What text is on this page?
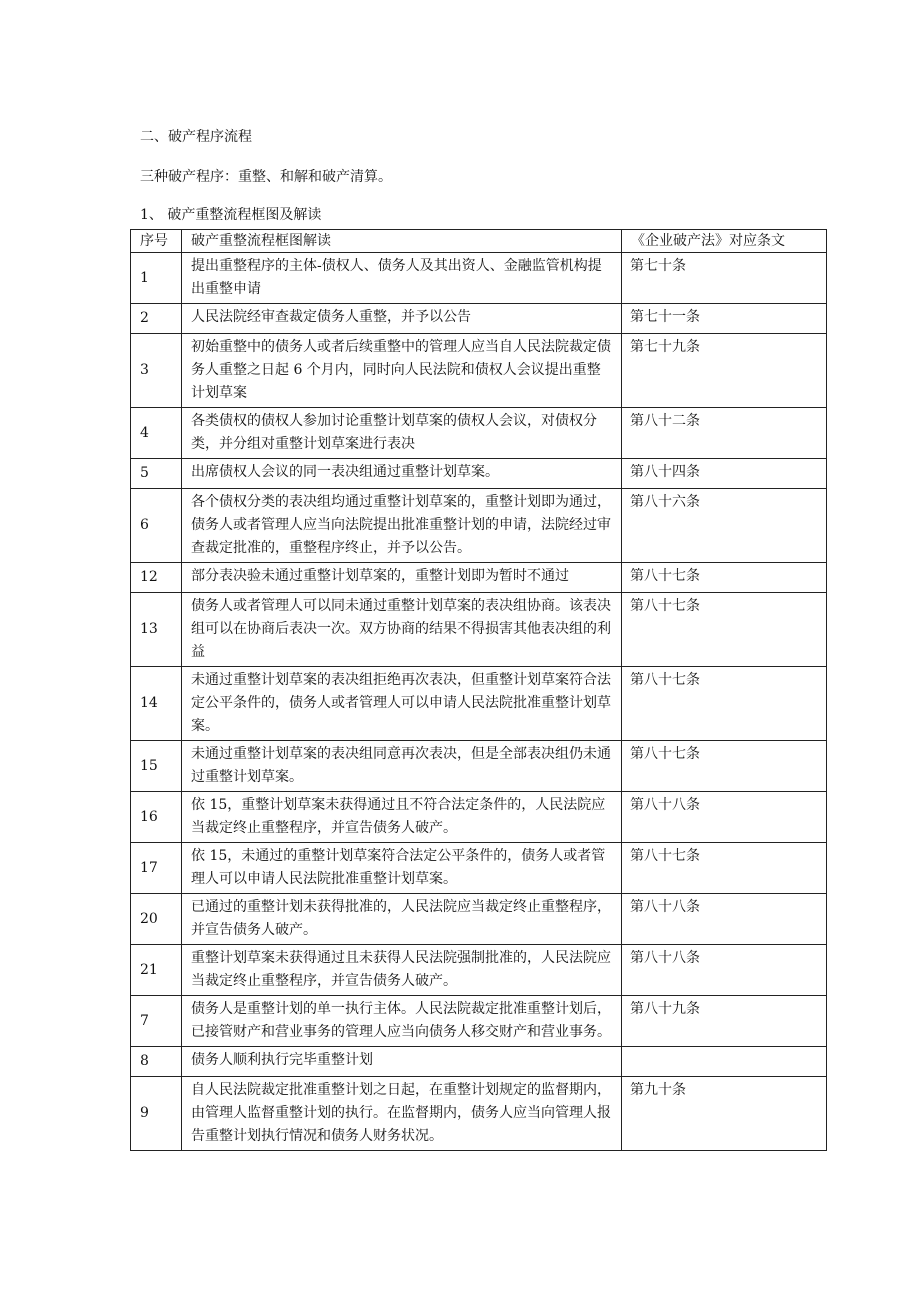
二、破产程序流程
三种破产程序：重整、和解和破产清算。
1、 破产重整流程框图及解读
序号	破产重整流程框图解读	《企业破产法》对应条文
1	提出重整程序的主体-债权人、债务人及其出资人、金融监管机构提出重整申请	第七十条
2	人民法院经审查裁定债务人重整，并予以公告	第七十一条
3	初始重整中的债务人或者后续重整中的管理人应当自人民法院裁定债务人重整之日起 6 个月内，同时向人民法院和债权人会议提出重整计划草案	第七十九条
4	各类债权的债权人参加讨论重整计划草案的债权人会议，对债权分类，并分组对重整计划草案进行表决	第八十二条
5	出席债权人会议的同一表决组通过重整计划草案。	第八十四条
6	各个债权分类的表决组均通过重整计划草案的，重整计划即为通过，债务人或者管理人应当向法院提出批准重整计划的申请，法院经过审查裁定批准的，重整程序终止，并予以公告。	第八十六条
12	部分表决验未通过重整计划草案的，重整计划即为暂时不通过	第八十七条
13	债务人或者管理人可以同未通过重整计划草案的表决组协商。该表决组可以在协商后表决一次。双方协商的结果不得损害其他表决组的利益	第八十七条
14	未通过重整计划草案的表决组拒绝再次表决，但重整计划草案符合法定公平条件的，债务人或者管理人可以申请人民法院批准重整计划草案。	第八十七条
15	未通过重整计划草案的表决组同意再次表决，但是全部表决组仍未通过重整计划草案。	第八十七条
16	依 15，重整计划草案未获得通过且不符合法定条件的，人民法院应当裁定终止重整程序，并宣告债务人破产。	第八十八条
17	依 15，未通过的重整计划草案符合法定公平条件的，债务人或者管理人可以申请人民法院批准重整计划草案。	第八十七条
20	已通过的重整计划未获得批准的，人民法院应当裁定终止重整程序，并宣告债务人破产。	第八十八条
21	重整计划草案未获得通过且未获得人民法院强制批准的，人民法院应当裁定终止重整程序，并宣告债务人破产。	第八十八条
7	债务人是重整计划的单一执行主体。人民法院裁定批准重整计划后，已接管财产和营业事务的管理人应当向债务人移交财产和营业事务。	第八十九条
8	债务人顺利执行完毕重整计划	
9	自人民法院裁定批准重整计划之日起，在重整计划规定的监督期内，由管理人监督重整计划的执行。在监督期内，债务人应当向管理人报告重整计划执行情况和债务人财务状况。	第九十条
